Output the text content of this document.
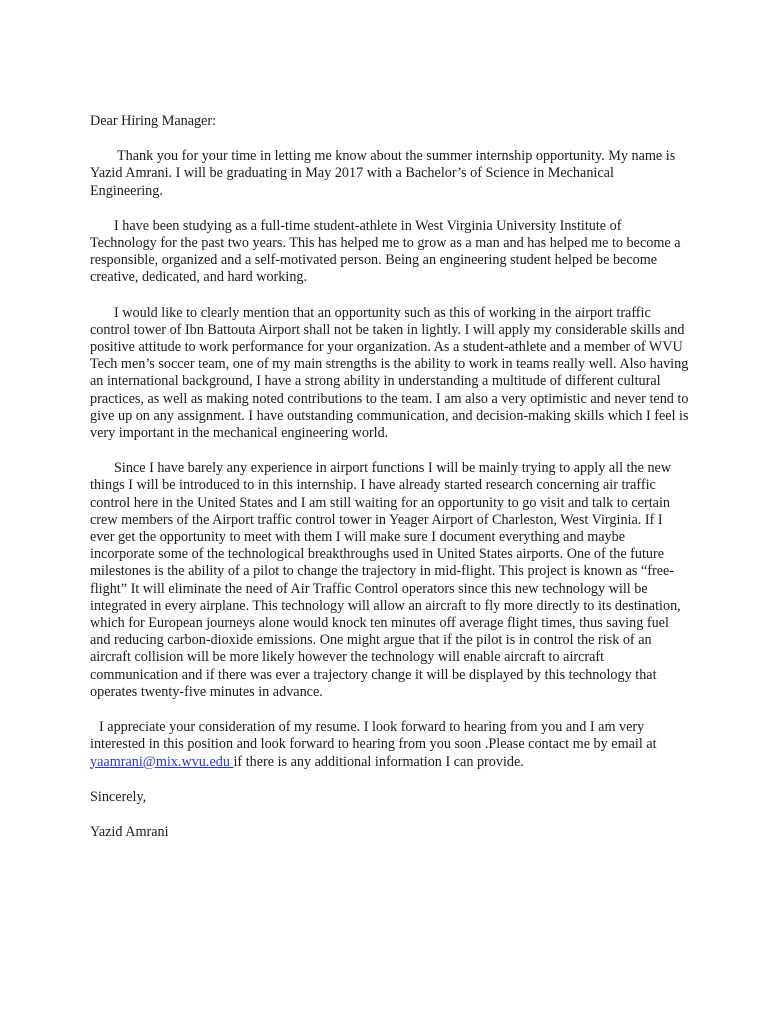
Dear Hiring Manager:

Thank you for your time in letting me know about the summer internship opportunity. My name is Yazid Amrani. I will be graduating in May 2017 with a Bachelor’s of Science in Mechanical Engineering.

I have been studying as a full-time student-athlete in West Virginia University Institute of Technology for the past two years. This has helped me to grow as a man and has helped me to become a responsible, organized and a self-motivated person. Being an engineering student helped be become creative, dedicated, and hard working.

I would like to clearly mention that an opportunity such as this of working in the airport traffic control tower of Ibn Battouta Airport shall not be taken in lightly. I will apply my considerable skills and positive attitude to work performance for your organization. As a student-athlete and a member of WVU Tech men’s soccer team, one of my main strengths is the ability to work in teams really well. Also having an international background, I have a strong ability in understanding a multitude of different cultural practices, as well as making noted contributions to the team. I am also a very optimistic and never tend to give up on any assignment. I have outstanding communication, and decision-making skills which I feel is very important in the mechanical engineering world.

Since I have barely any experience in airport functions I will be mainly trying to apply all the new things I will be introduced to in this internship. I have already started research concerning air traffic control here in the United States and I am still waiting for an opportunity to go visit and talk to certain crew members of the Airport traffic control tower in Yeager Airport of Charleston, West Virginia. If I ever get the opportunity to meet with them I will make sure I document everything and maybe incorporate some of the technological breakthroughs used in United States airports. One of the future milestones is the ability of a pilot to change the trajectory in mid-flight. This project is known as “free-flight” It will eliminate the need of Air Traffic Control operators since this new technology will be integrated in every airplane. This technology will allow an aircraft to fly more directly to its destination, which for European journeys alone would knock ten minutes off average flight times, thus saving fuel and reducing carbon-dioxide emissions. One might argue that if the pilot is in control the risk of an aircraft collision will be more likely however the technology will enable aircraft to aircraft communication and if there was ever a trajectory change it will be displayed by this technology that operates twenty-five minutes in advance.

I appreciate your consideration of my resume. I look forward to hearing from you and I am very interested in this position and look forward to hearing from you soon .Please contact me by email at yaamrani@mix.wvu.edu if there is any additional information I can provide.

Sincerely,

Yazid Amrani
